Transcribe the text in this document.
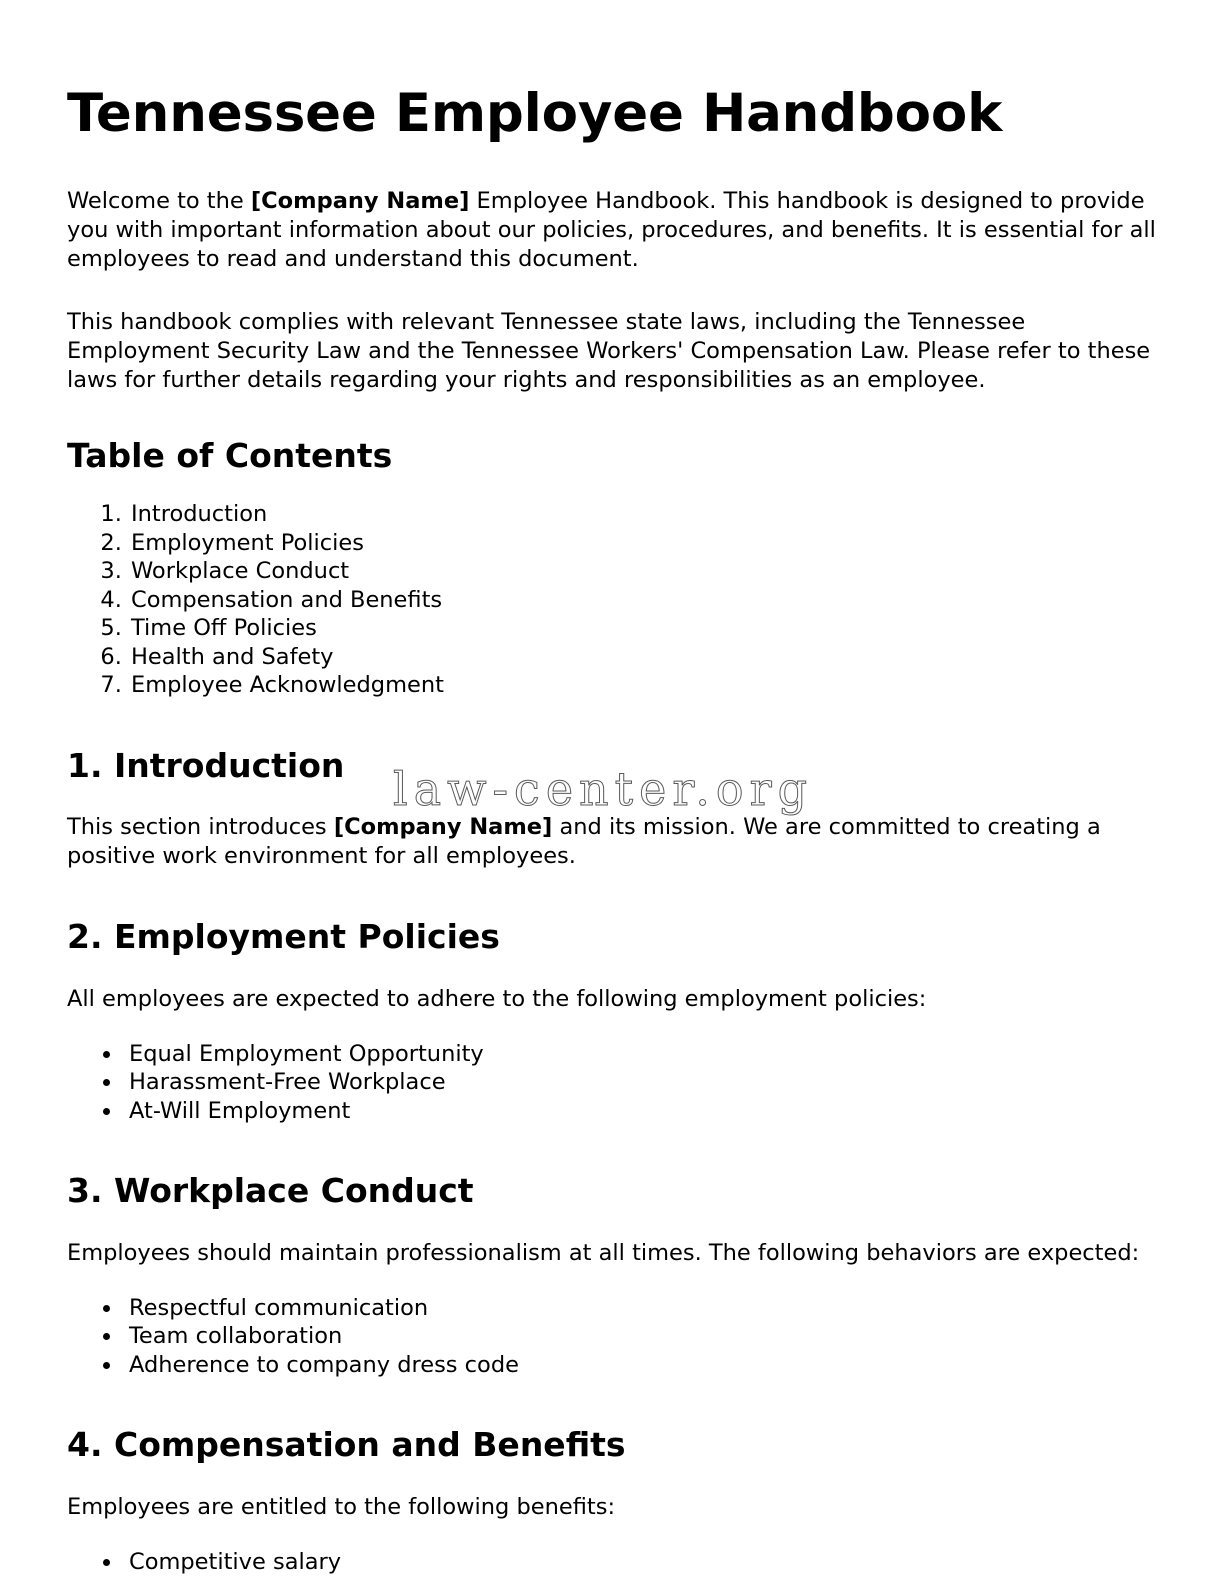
law-center.org
Tennessee Employee Handbook

Welcome to the [Company Name] Employee Handbook. This handbook is designed to provide you with important information about our policies, procedures, and benefits. It is essential for all employees to read and understand this document.

This handbook complies with relevant Tennessee state laws, including the Tennessee Employment Security Law and the Tennessee Workers' Compensation Law. Please refer to these laws for further details regarding your rights and responsibilities as an employee.

Table of Contents
1. Introduction
2. Employment Policies
3. Workplace Conduct
4. Compensation and Benefits
5. Time Off Policies
6. Health and Safety
7. Employee Acknowledgment
1. Introduction

This section introduces [Company Name] and its mission. We are committed to creating a positive work environment for all employees.

2. Employment Policies

All employees are expected to adhere to the following employment policies:

• Equal Employment Opportunity
• Harassment-Free Workplace
• At-Will Employment
3. Workplace Conduct

Employees should maintain professionalism at all times. The following behaviors are expected:

• Respectful communication
• Team collaboration
• Adherence to company dress code
4. Compensation and Benefits

Employees are entitled to the following benefits:

• Competitive salary
